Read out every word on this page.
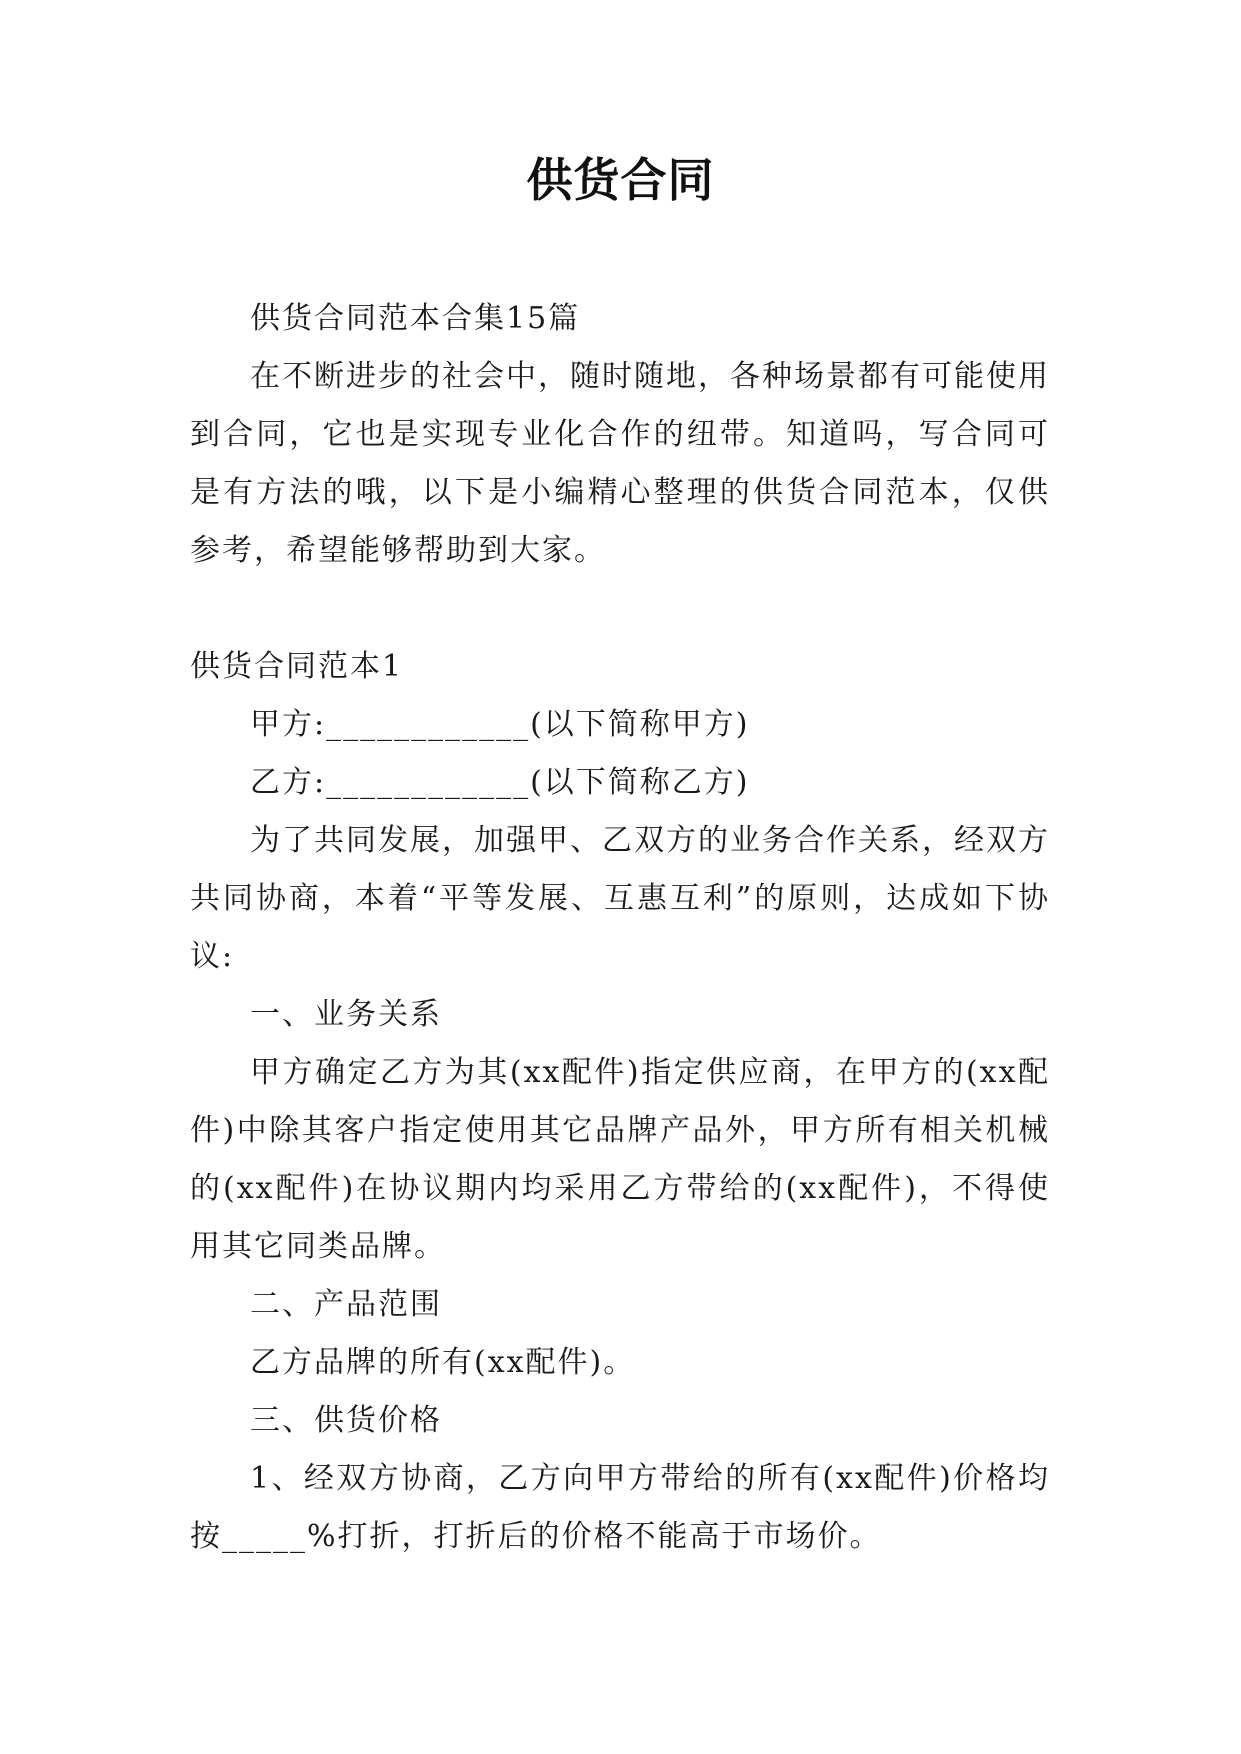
供货合同

供货合同范本合集15篇

在不断进步的社会中，随时随地，各种场景都有可能使用到合同，它也是实现专业化合作的纽带。知道吗，写合同可是有方法的哦，以下是小编精心整理的供货合同范本，仅供参考，希望能够帮助到大家。

供货合同范本1

甲方:____________(以下简称甲方)

乙方:____________(以下简称乙方)

为了共同发展，加强甲、乙双方的业务合作关系，经双方共同协商，本着“平等发展、互惠互利”的原则，达成如下协议:

一、业务关系

甲方确定乙方为其(xx配件)指定供应商，在甲方的(xx配件)中除其客户指定使用其它品牌产品外，甲方所有相关机械的(xx配件)在协议期内均采用乙方带给的(xx配件)，不得使用其它同类品牌。

二、产品范围

乙方品牌的所有(xx配件)。

三、供货价格

1、经双方协商，乙方向甲方带给的所有(xx配件)价格均按_____%打折，打折后的价格不能高于市场价。
